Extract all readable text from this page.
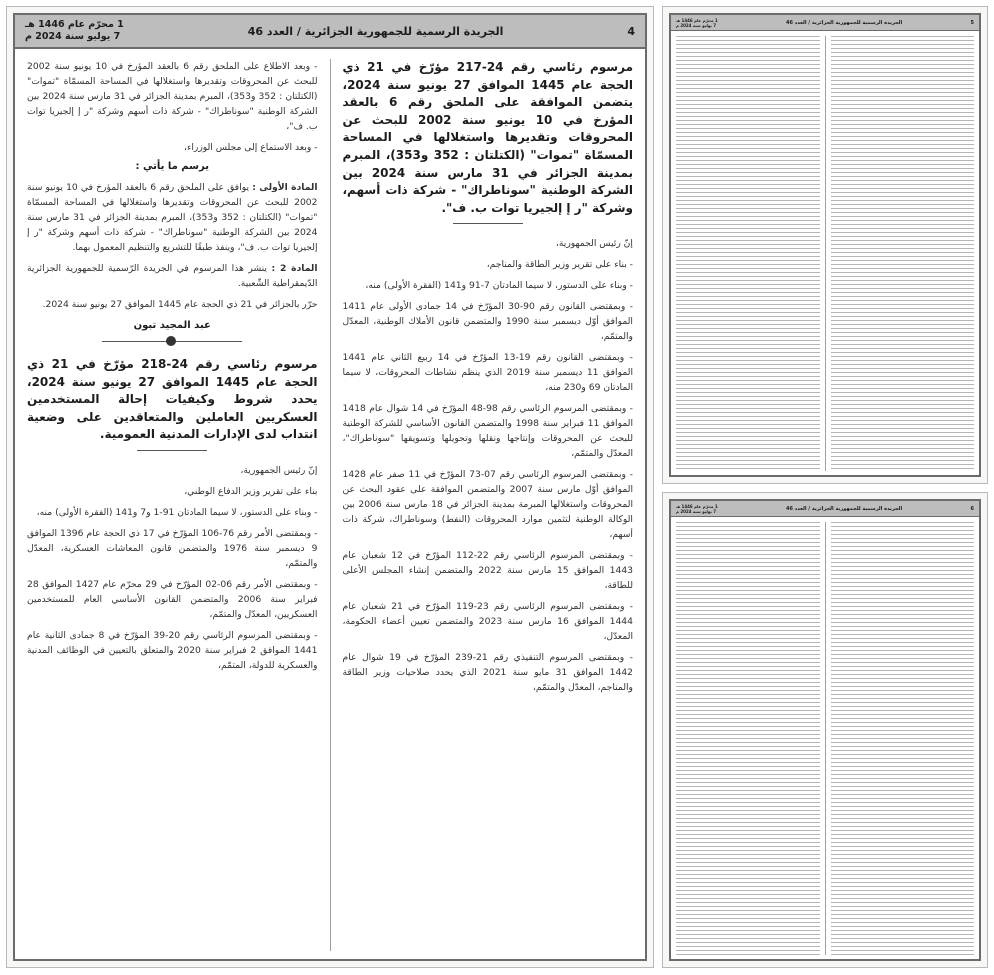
4
الجريدة الرسمية للجمهورية الجزائرية / العدد 46
1 محرّم عام 1446 هـ
7 يوليو سنة 2024 م
مرسوم رئاسي رقم 24-217 مؤرّخ في 21 ذي الحجة عام 1445 الموافق 27 يونيو سنة 2024، يتضمن الموافقة على الملحق رقم 6 بالعقد المؤرخ في 10 يونيو سنة 2002 للبحث عن المحروقات وتقديرها واستغلالها في المساحة المسمّاة "تموات" (الكتلتان : 352 و353)، المبرم بمدينة الجزائر في 31 مارس سنة 2024 بين الشركة الوطنية "سوناطراك" - شركة ذات أسهم، وشركة "ر إ إلجيريا توات ب. ف".
إنّ رئيس الجمهورية،
- بناء على تقرير وزير الطاقة والمناجم،
- وبناء على الدستور، لا سيما المادتان 7-91 و141 (الفقرة الأولى) منه،
- وبمقتضى القانون رقم 90-30 المؤرّخ في 14 جمادى الأولى عام 1411 الموافق أوّل ديسمبر سنة 1990 والمتضمن قانون الأملاك الوطنية، المعدّل والمتمّم،
- وبمقتضى القانون رقم 19-13 المؤرّخ في 14 ربيع الثاني عام 1441 الموافق 11 ديسمبر سنة 2019 الذي ينظم نشاطات المحروقات، لا سيما المادتان 69 و230 منه،
- وبمقتضى المرسوم الرئاسي رقم 98-48 المؤرّخ في 14 شوال عام 1418 الموافق 11 فبراير سنة 1998 والمتضمن القانون الأساسي للشركة الوطنية للبحث عن المحروقات وإنتاجها ونقلها وتحويلها وتسويقها "سوناطراك"، المعدّل والمتمّم،
- وبمقتضى المرسوم الرئاسي رقم 07-73 المؤرّخ في 11 صفر عام 1428 الموافق أوّل مارس سنة 2007 والمتضمن الموافقة على عقود البحث عن المحروقات واستغلالها المبرمة بمدينة الجزائر في 18 مارس سنة 2006 بين الوكالة الوطنية لتثمين موارد المحروقات (النفط) وسوناطراك، شركة ذات أسهم،
- وبمقتضى المرسوم الرئاسي رقم 22-112 المؤرّخ في 12 شعبان عام 1443 الموافق 15 مارس سنة 2022 والمتضمن إنشاء المجلس الأعلى للطاقة،
- وبمقتضى المرسوم الرئاسي رقم 23-119 المؤرّخ في 21 شعبان عام 1444 الموافق 16 مارس سنة 2023 والمتضمن تعيين أعضاء الحكومة، المعدّل،
- وبمقتضى المرسوم التنفيذي رقم 21-239 المؤرّخ في 19 شوال عام 1442 الموافق 31 مايو سنة 2021 الذي يحدد صلاحيات وزير الطاقة والمناجم، المعدّل والمتمّم،
- وبعد الاطلاع على الملحق رقم 6 بالعقد المؤرخ في 10 يونيو سنة 2002 للبحث عن المحروقات وتقديرها واستغلالها في المساحة المسمّاة "تموات" (الكتلتان : 352 و353)، المبرم بمدينة الجزائر في 31 مارس سنة 2024 بين الشركة الوطنية "سوناطراك" - شركة ذات أسهم وشركة "ر إ إلجيريا توات ب. ف"،
- وبعد الاستماع إلى مجلس الوزراء،
يرسم ما يأتي :
المادة الأولى : يوافق على الملحق رقم 6 بالعقد المؤرخ في 10 يونيو سنة 2002 للبحث عن المحروقات وتقديرها واستغلالها في المساحة المسمّاة "تموات" (الكتلتان : 352 و353)، المبرم بمدينة الجزائر في 31 مارس سنة 2024 بين الشركة الوطنية "سوناطراك" - شركة ذات أسهم وشركة "ر إ إلجيريا توات ب. ف"، وينفذ طبقًا للتشريع والتنظيم المعمول بهما.
المادة 2 : ينشر هذا المرسوم في الجريدة الرّسمية للجمهورية الجزائرية الدّيمقراطية الشّعبية.
حرّر بالجزائر في 21 ذي الحجة عام 1445 الموافق 27 يونيو سنة 2024.
عبد المجيد تبون
مرسوم رئاسي رقم 24-218 مؤرّخ في 21 ذي الحجة عام 1445 الموافق 27 يونيو سنة 2024، يحدد شروط وكيفيات إحالة المستخدمين العسكريين العاملين والمتعاقدين على وضعية انتداب لدى الإدارات المدنية العمومية.
إنّ رئيس الجمهورية،
بناء على تقرير وزير الدفاع الوطني،
- وبناء على الدستور، لا سيما المادتان 91-1 و7 و141 (الفقرة الأولى) منه،
- وبمقتضى الأمر رقم 76-106 المؤرّخ في 17 ذي الحجة عام 1396 الموافق 9 ديسمبر سنة 1976 والمتضمن قانون المعاشات العسكرية، المعدّل والمتمّم،
- وبمقتضى الأمر رقم 06-02 المؤرّخ في 29 محرّم عام 1427 الموافق 28 فبراير سنة 2006 والمتضمن القانون الأساسي العام للمستخدمين العسكريين، المعدّل والمتمّم،
- وبمقتضى المرسوم الرئاسي رقم 20-39 المؤرّخ في 8 جمادى الثانية عام 1441 الموافق 2 فبراير سنة 2020 والمتعلق بالتعيين في الوظائف المدنية والعسكرية للدولة، المتمّم،
5
الجريدة الرسمية للجمهورية الجزائرية / العدد 46
1 محرّم عام 1446 هـ
7 يوليو سنة 2024 م
6
الجريدة الرسمية للجمهورية الجزائرية / العدد 46
1 محرّم عام 1446 هـ
7 يوليو سنة 2024 م
